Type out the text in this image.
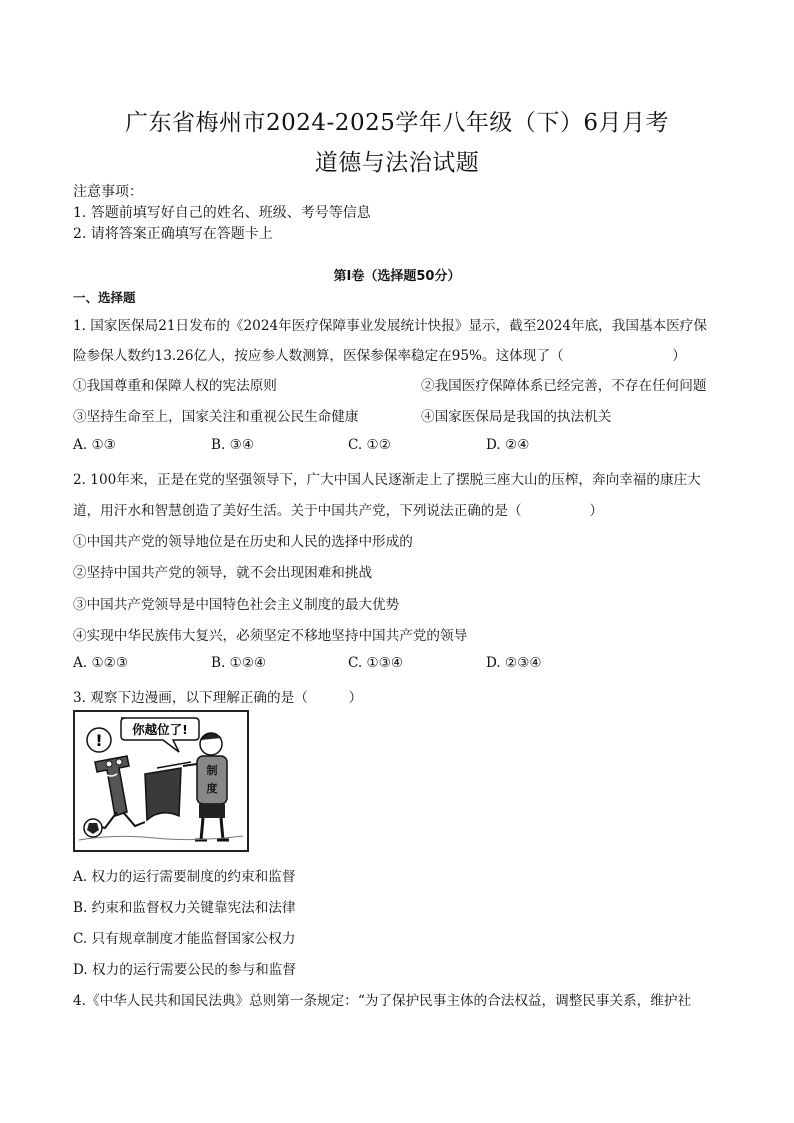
广东省梅州市2024-2025学年八年级（下）6月月考
道德与法治试题
注意事项：
1. 答题前填写好自己的姓名、班级、考号等信息
2. 请将答案正确填写在答题卡上
第I卷（选择题50分）
一、选择题
1. 国家医保局21日发布的《2024年医疗保障事业发展统计快报》显示，截至2024年底，我国基本医疗保
险参保人数约13.26亿人，按应参人数测算，医保参保率稳定在95%。这体现了（　　　　　　　　）
①我国尊重和保障人权的宪法原则	②我国医疗保障体系已经完善，不存在任何问题
③坚持生命至上，国家关注和重视公民生命健康	④国家医保局是我国的执法机关
A. ①③	B. ③④	C. ①②	D. ②④
2. 100年来，正是在党的坚强领导下，广大中国人民逐渐走上了摆脱三座大山的压榨，奔向幸福的康庄大
道，用汗水和智慧创造了美好生活。关于中国共产党，下列说法正确的是（　　　　　）
①中国共产党的领导地位是在历史和人民的选择中形成的
②坚持中国共产党的领导，就不会出现困难和挑战
③中国共产党领导是中国特色社会主义制度的最大优势
④实现中华民族伟大复兴，必须坚定不移地坚持中国共产党的领导
A. ①②③	B. ①②④	C. ①③④	D. ②③④
3. 观察下边漫画，以下理解正确的是（　　　）
!
你越位了!
制
度
A. 权力的运行需要制度的约束和监督
B. 约束和监督权力关键靠宪法和法律
C. 只有规章制度才能监督国家公权力
D. 权力的运行需要公民的参与和监督
4.《中华人民共和国民法典》总则第一条规定：“为了保护民事主体的合法权益，调整民事关系，维护社
